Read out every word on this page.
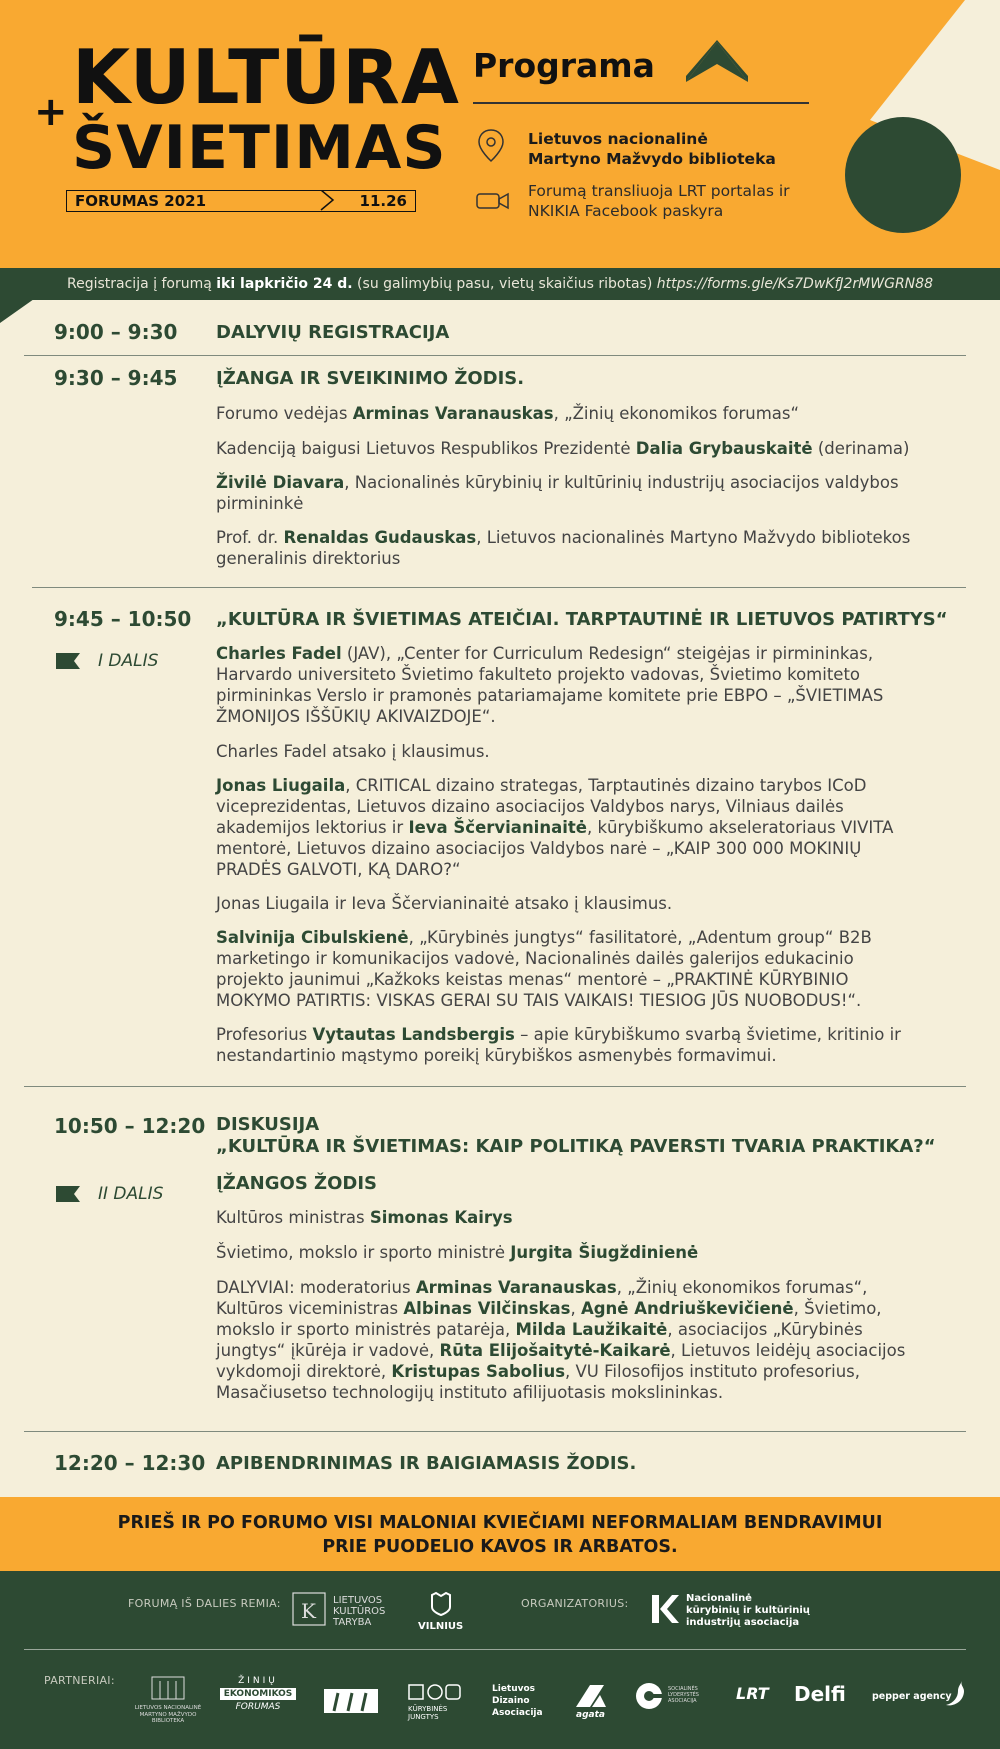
+ KULTŪRA
ŠVIETIMAS
FORUMAS 2021	11.26
Programa
Lietuvos nacionalinė
Martyno Mažvydo biblioteka
Forumą transliuoja LRT portalas ir
NKIKIA Facebook paskyra
Registracija į forumą iki lapkričio 24 d. (su galimybių pasu, vietų skaičius ribotas) https://forms.gle/Ks7DwKfJ2rMWGRN88
9:00 – 9:30 DALYVIŲ REGISTRACIJA
9:30 – 9:45 ĮŽANGA IR SVEIKINIMO ŽODIS.
Forumo vedėjas Arminas Varanauskas, „Žinių ekonomikos forumas“
Kadenciją baigusi Lietuvos Respublikos Prezidentė Dalia Grybauskaitė (derinama)
Živilė Diavara, Nacionalinės kūrybinių ir kultūrinių industrijų asociacijos valdybos
pirmininkė
Prof. dr. Renaldas Gudauskas, Lietuvos nacionalinės Martyno Mažvydo bibliotekos
generalinis direktorius
9:45 – 10:50
I DALIS
„KULTŪRA IR ŠVIETIMAS ATEIČIAI. TARPTAUTINĖ IR LIETUVOS PATIRTYS“
Charles Fadel (JAV), „Center for Curriculum Redesign“ steigėjas ir pirmininkas,
Harvardo universiteto Švietimo fakulteto projekto vadovas, Švietimo komiteto
pirmininkas Verslo ir pramonės patariamajame komitete prie EBPO – „ŠVIETIMAS
ŽMONIJOS IŠŠŪKIŲ AKIVAIZDOJE“.
Charles Fadel atsako į klausimus.
Jonas Liugaila, CRITICAL dizaino strategas, Tarptautinės dizaino tarybos ICoD
viceprezidentas, Lietuvos dizaino asociacijos Valdybos narys, Vilniaus dailės
akademijos lektorius ir Ieva Ščervianinaitė, kūrybiškumo akseleratoriaus VIVITA
mentorė, Lietuvos dizaino asociacijos Valdybos narė – „KAIP 300 000 MOKINIŲ
PRADĖS GALVOTI, KĄ DARO?“
Jonas Liugaila ir Ieva Ščervianinaitė atsako į klausimus.
Salvinija Cibulskienė, „Kūrybinės jungtys“ fasilitatorė, „Adentum group“ B2B
marketingo ir komunikacijos vadovė, Nacionalinės dailės galerijos edukacinio
projekto jaunimui „Kažkoks keistas menas“ mentorė – „PRAKTINĖ KŪRYBINIO
MOKYMO PATIRTIS: VISKAS GERAI SU TAIS VAIKAIS! TIESIOG JŪS NUOBODUS!“.
Profesorius Vytautas Landsbergis – apie kūrybiškumo svarbą švietime, kritinio ir
nestandartinio mąstymo poreikį kūrybiškos asmenybės formavimui.
10:50 – 12:20
II DALIS
DISKUSIJA
„KULTŪRA IR ŠVIETIMAS: KAIP POLITIKĄ PAVERSTI TVARIA PRAKTIKA?“
ĮŽANGOS ŽODIS
Kultūros ministras Simonas Kairys
Švietimo, mokslo ir sporto ministrė Jurgita Šiugždinienė
DALYVIAI: moderatorius Arminas Varanauskas, „Žinių ekonomikos forumas“,
Kultūros viceministras Albinas Vilčinskas, Agnė Andriuškevičienė, Švietimo,
mokslo ir sporto ministrės patarėja, Milda Laužikaitė, asociacijos „Kūrybinės
jungtys“ įkūrėja ir vadovė, Rūta Elijošaitytė-Kaikarė, Lietuvos leidėjų asociacijos
vykdomoji direktorė, Kristupas Sabolius, VU Filosofijos instituto profesorius,
Masačiusetso technologijų instituto afilijuotasis mokslininkas.
12:20 – 12:30 APIBENDRINIMAS IR BAIGIAMASIS ŽODIS.
PRIEŠ IR PO FORUMO VISI MALONIAI KVIEČIAMI NEFORMALIAM BENDRAVIMUI
PRIE PUODELIO KAVOS IR ARBATOS.
FORUMĄ IŠ DALIES REMIA: K LIETUVOS
KULTŪROS
TARYBA	VILNIUS
ORGANIZATORIUS:	Nacionalinė
kūrybinių ir kultūrinių
industrijų asociacija
PARTNERIAI:
LIETUVOS NACIONALINĖ
MARTYNO MAŽVYDO
BIBLIOTEKA
ŽINIŲ
EKONOMIKOS
FORUMAS	KŪRYBINĖS
JUNGTYS
Lietuvos
Dizaino
Asociacija	agata
SOCIALINĖS
LYDERYSTĖS
ASOCIACIJA LRT Delfi	pepper agency
